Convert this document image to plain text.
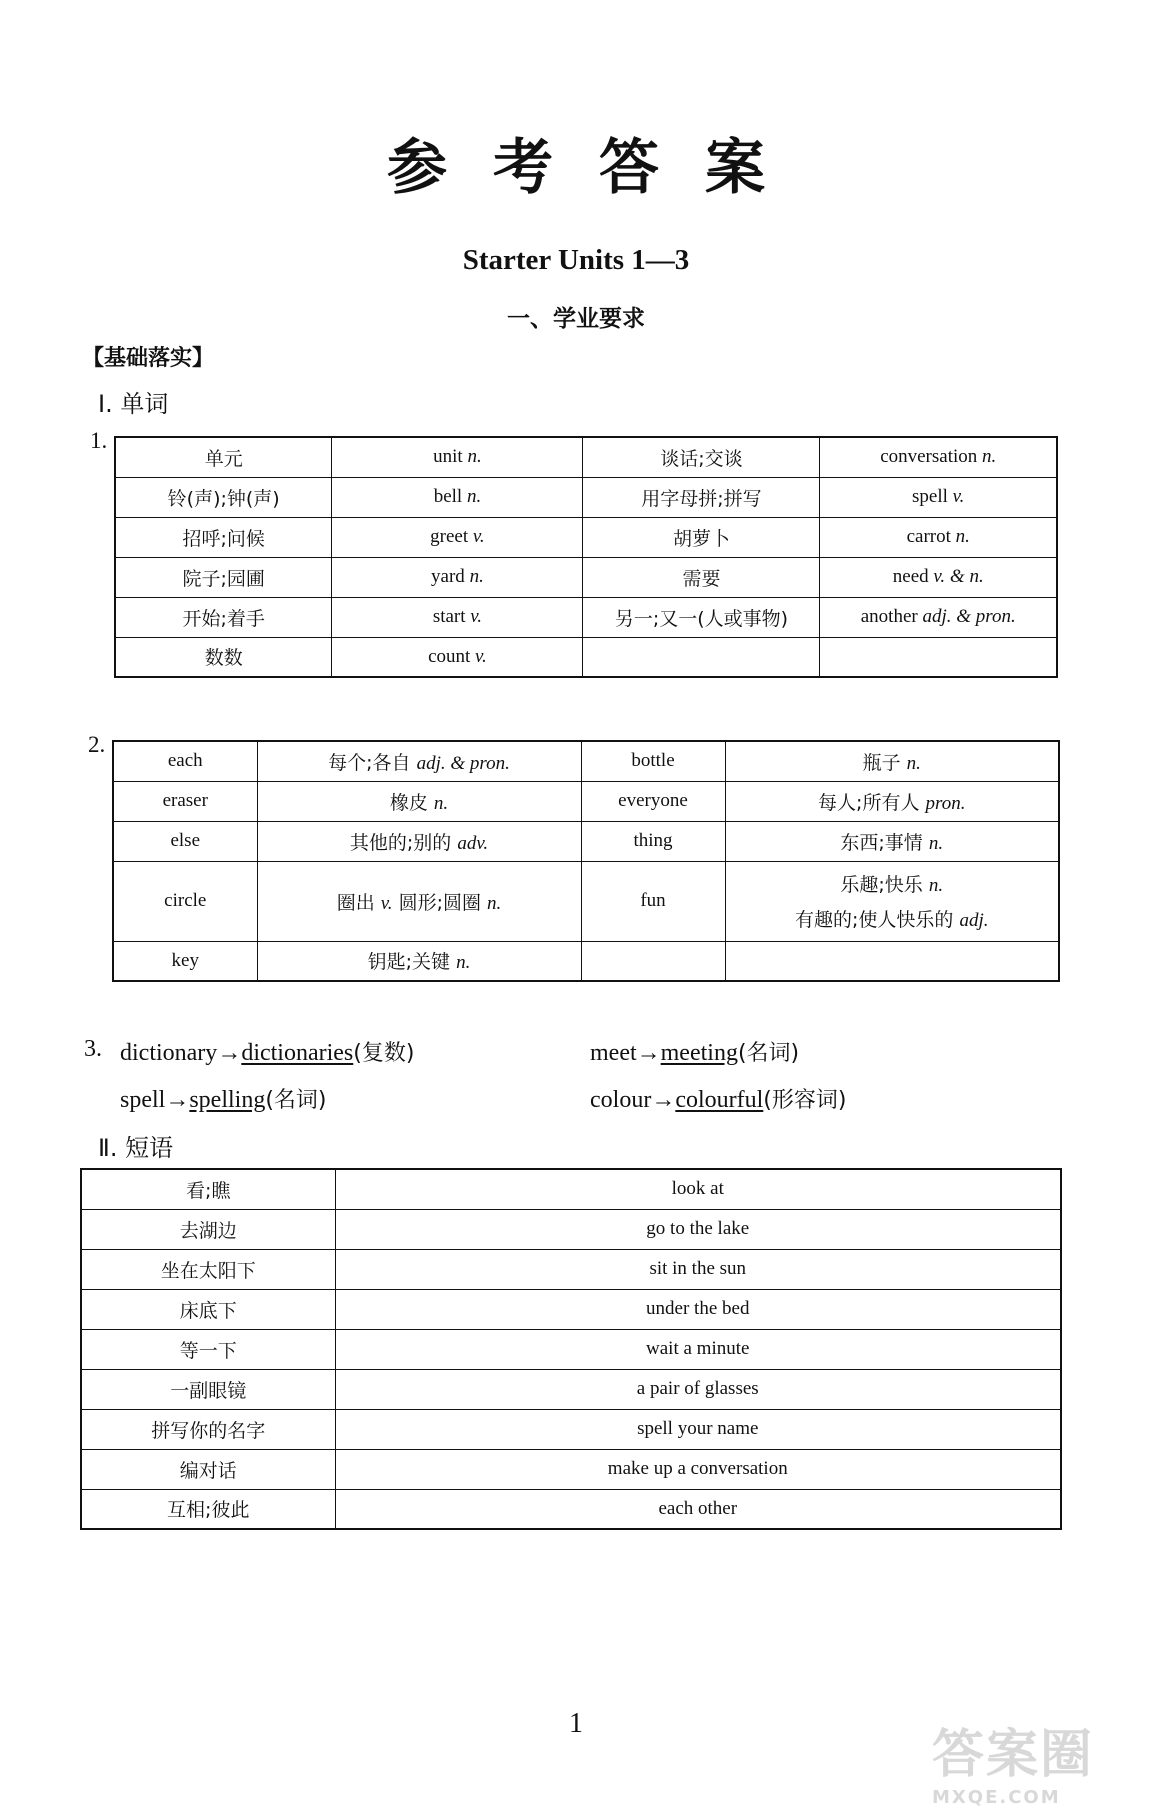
参考答案
Starter Units 1—3
一、学业要求
【基础落实】
Ⅰ. 单词
1.
单元	unit n.	谈话;交谈	conversation n.
铃(声);钟(声)	bell n.	用字母拼;拼写	spell v.
招呼;问候	greet v.	胡萝卜	carrot n.
院子;园圃	yard n.	需要	need v. & n.
开始;着手	start v.	另一;又一(人或事物)	another adj. & pron.
数数	count v.		
2.
each	每个;各自 adj. & pron.	bottle	瓶子 n.

eraser	橡皮 n.	everyone	每人;所有人 pron.

else	其他的;别的 adv.	thing	东西;事情 n.

circle	圈出 v. 圆形;圆圈 n.	fun	乐趣;快乐 n.
有趣的;使人快乐的 adj.

key	钥匙;关键 n.		

3. dictionary→dictionaries(复数)	meet→meeting(名词)
spell→spelling(名词)	colour→colourful(形容词)
Ⅱ. 短语
看;瞧	look at
去湖边	go to the lake
坐在太阳下	sit in the sun
床底下	under the bed
等一下	wait a minute
一副眼镜	a pair of glasses
拼写你的名字	spell your name
编对话	make up a conversation
互相;彼此	each other
1
答案圈
MXQE.COM
